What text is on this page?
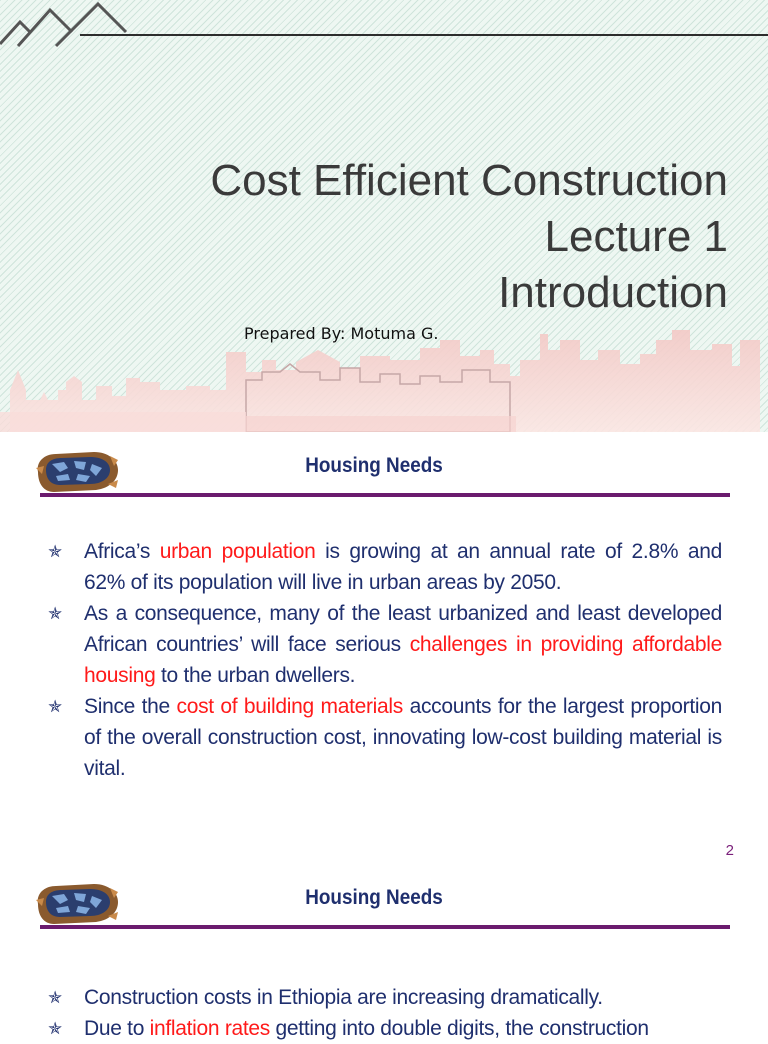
Cost Efficient Construction
Lecture 1
Introduction
Prepared By: Motuma G.
Housing Needs
✯ Africa’s urban population is growing at an annual rate of 2.8% and 62% of its population will live in urban areas by 2050.
✯ As a consequence, many of the least urbanized and least developed African countries’ will face serious challenges in providing affordable housing to the urban dwellers.
✯ Since the cost of building materials accounts for the largest proportion of the overall construction cost, innovating low-cost building material is vital.
2
Housing Needs
✯ Construction costs in Ethiopia are increasing dramatically.
✯ Due to inflation rates getting into double digits, the construction
